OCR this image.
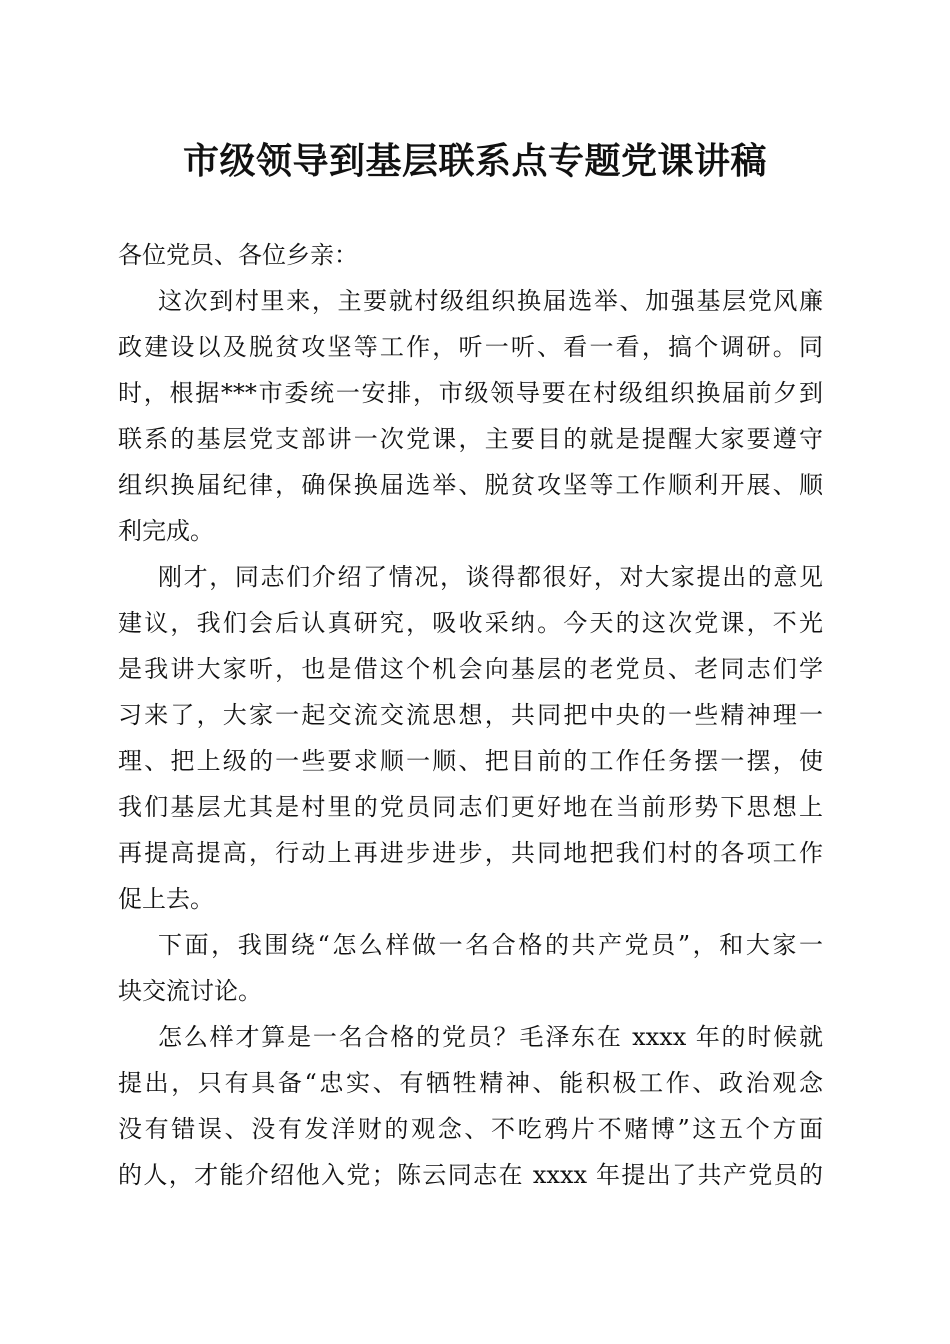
市级领导到基层联系点专题党课讲稿
各位党员、各位乡亲：
这次到村里来，主要就村级组织换届选举、加强基层党风廉
政建设以及脱贫攻坚等工作，听一听、看一看，搞个调研。同
时，根据***市委统一安排，市级领导要在村级组织换届前夕到
联系的基层党支部讲一次党课，主要目的就是提醒大家要遵守
组织换届纪律，确保换届选举、脱贫攻坚等工作顺利开展、顺
利完成。
刚才，同志们介绍了情况，谈得都很好，对大家提出的意见
建议，我们会后认真研究，吸收采纳。今天的这次党课，不光
是我讲大家听，也是借这个机会向基层的老党员、老同志们学
习来了，大家一起交流交流思想，共同把中央的一些精神理一
理、把上级的一些要求顺一顺、把目前的工作任务摆一摆，使
我们基层尤其是村里的党员同志们更好地在当前形势下思想上
再提高提高，行动上再进步进步，共同地把我们村的各项工作
促上去。
下面，我围绕“怎么样做一名合格的共产党员”，和大家一
块交流讨论。
怎么样才算是一名合格的党员？毛泽东在 xxxx 年的时候就
提出，只有具备“忠实、有牺牲精神、能积极工作、政治观念
没有错误、没有发洋财的观念、不吃鸦片不赌博”这五个方面
的人，才能介绍他入党；陈云同志在 xxxx 年提出了共产党员的
